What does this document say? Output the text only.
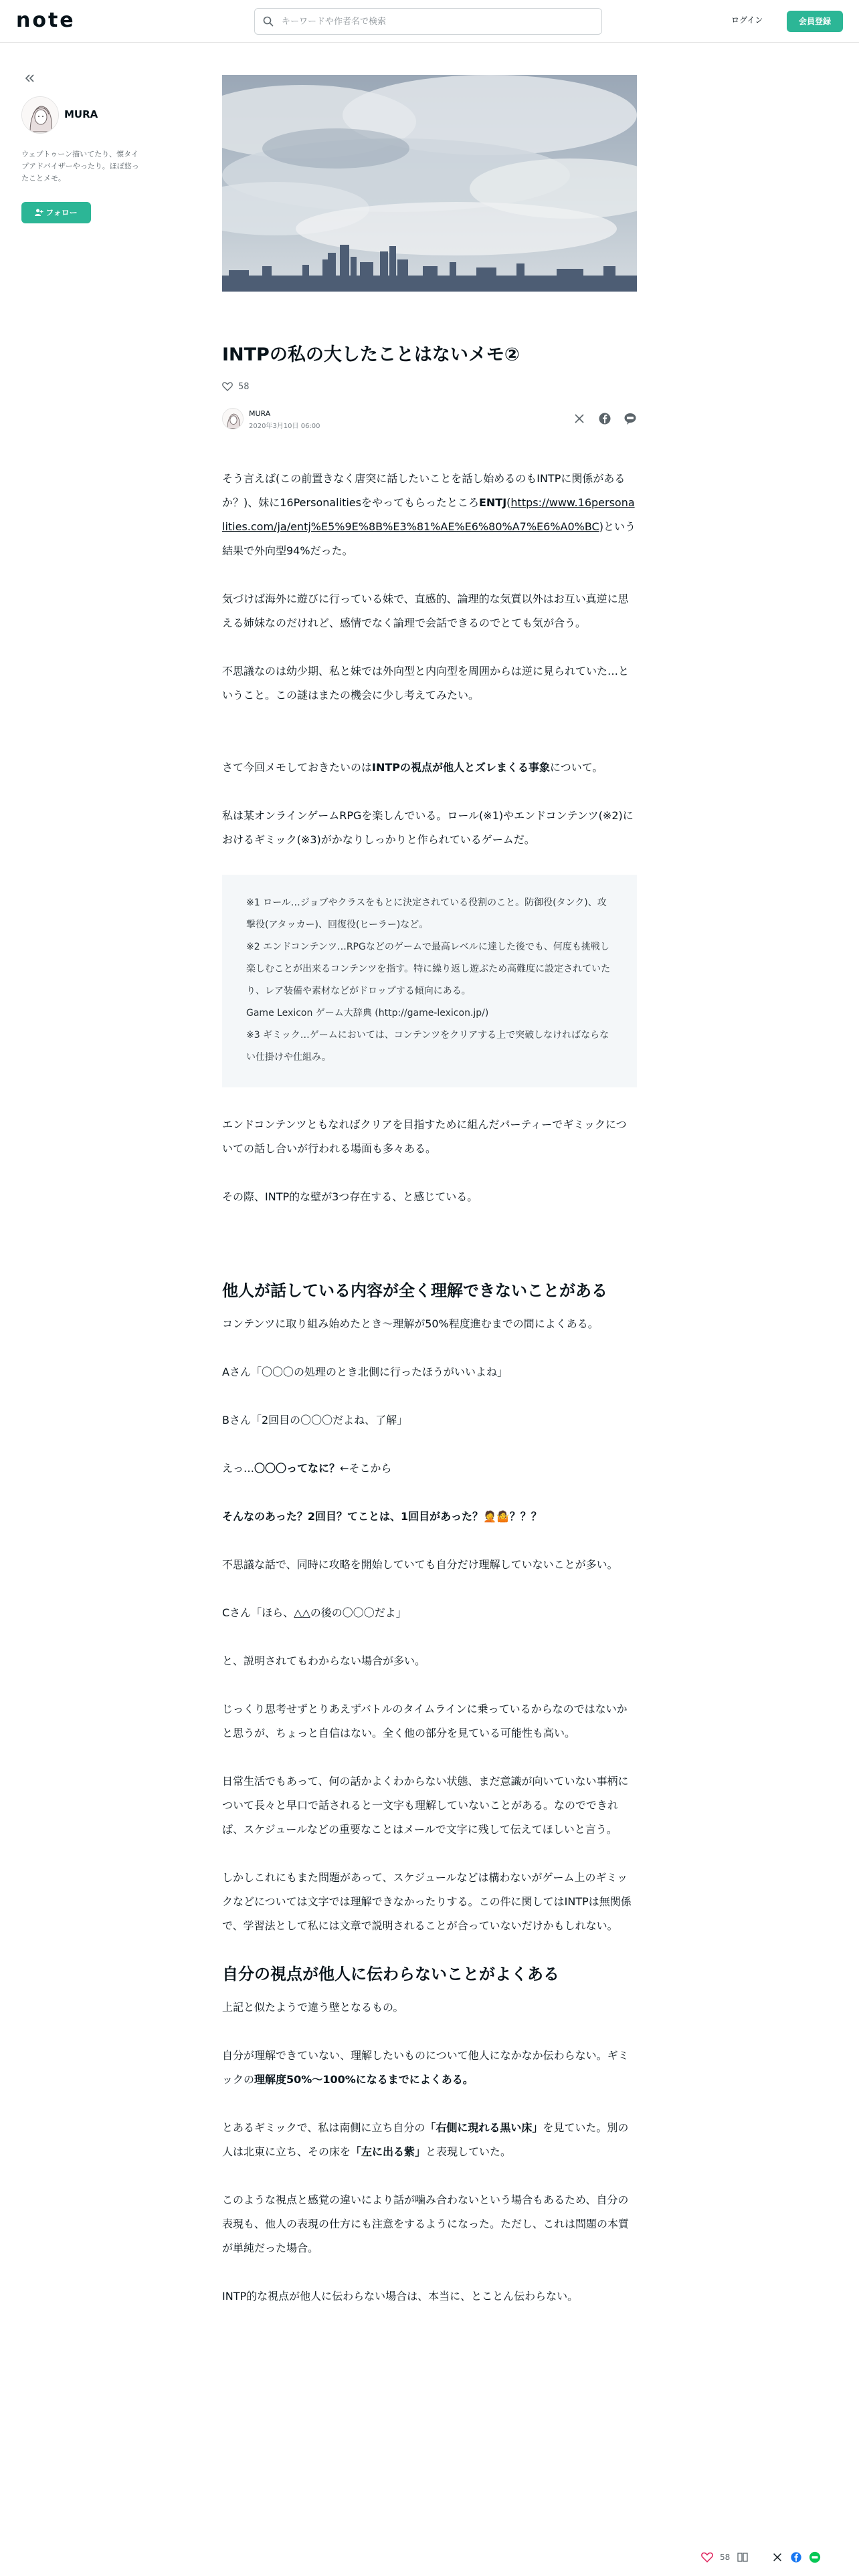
note
キーワードや作者名で検索	ログイン	会員登録
MURA
ウェブトゥーン描いてたり、懐タイプアドバイザーやったり。ほぼ悠ったことメモ。
フォロー
INTPの私の大したことはないメモ②
58
MURA
2020年3月10日 06:00

そう言えば(この前置きなく唐突に話したいことを話し始めるのもINTPに関係があるか？)、妹に16PersonalitiesをやってもらったところENTJ(https://www.16personalities.com/ja/entj%E5%9E%8B%E3%81%AE%E6%80%A7%E6%A0%BC)という結果で外向型94%だった。

気づけば海外に遊びに行っている妹で、直感的、論理的な気質以外はお互い真逆に思える姉妹なのだけれど、感情でなく論理で会話できるのでとても気が合う。

不思議なのは幼少期、私と妹では外向型と内向型を周囲からは逆に見られていた…ということ。この謎はまたの機会に少し考えてみたい。

さて今回メモしておきたいのはINTPの視点が他人とズレまくる事象について。

私は某オンラインゲームRPGを楽しんでいる。ロール(※1)やエンドコンテンツ(※2)におけるギミック(※3)がかなりしっかりと作られているゲームだ。

※1 ロール…ジョブやクラスをもとに決定されている役割のこと。防御役(タンク)、攻撃役(アタッカー)、回復役(ヒーラー)など。
※2 エンドコンテンツ…RPGなどのゲームで最高レベルに達した後でも、何度も挑戦し楽しむことが出来るコンテンツを指す。特に繰り返し遊ぶため高難度に設定されていたり、レア装備や素材などがドロップする傾向にある。
Game Lexicon ゲーム大辞典 (http://game-lexicon.jp/)
※3 ギミック…ゲームにおいては、コンテンツをクリアする上で突破しなければならない仕掛けや仕組み。

エンドコンテンツともなればクリアを目指すために組んだパーティーでギミックについての話し合いが行われる場面も多々ある。

その際、INTP的な壁が3つ存在する、と感じている。

他人が話している内容が全く理解できないことがある

コンテンツに取り組み始めたとき～理解が50%程度進むまでの間によくある。

Aさん「〇〇〇の処理のとき北側に行ったほうがいいよね」

Bさん「2回目の〇〇〇だよね、了解」

えっ…〇〇〇ってなに？←そこから

そんなのあった？2回目？てことは、1回目があった？🤦🤷？？？

不思議な話で、同時に攻略を開始していても自分だけ理解していないことが多い。

Cさん「ほら、△△の後の〇〇〇だよ」

と、説明されてもわからない場合が多い。

じっくり思考せずとりあえずバトルのタイムラインに乗っているからなのではないかと思うが、ちょっと自信はない。全く他の部分を見ている可能性も高い。

日常生活でもあって、何の話かよくわからない状態、まだ意識が向いていない事柄について長々と早口で話されると一文字も理解していないことがある。なのでできれば、スケジュールなどの重要なことはメールで文字に残して伝えてほしいと言う。

しかしこれにもまた問題があって、スケジュールなどは構わないがゲーム上のギミックなどについては文字では理解できなかったりする。この件に関してはINTPは無関係で、学習法として私には文章で説明されることが合っていないだけかもしれない。

自分の視点が他人に伝わらないことがよくある

上記と似たようで違う壁となるもの。

自分が理解できていない、理解したいものについて他人になかなか伝わらない。ギミックの理解度50%～100%になるまでによくある。

とあるギミックで、私は南側に立ち自分の「右側に現れる黒い床」を見ていた。別の人は北東に立ち、その床を「左に出る紫」と表現していた。

このような視点と感覚の違いにより話が噛み合わないという場合もあるため、自分の表現も、他人の表現の仕方にも注意をするようになった。ただし、これは問題の本質が単純だった場合。

INTP的な視点が他人に伝わらない場合は、本当に、とことん伝わらない。

58
